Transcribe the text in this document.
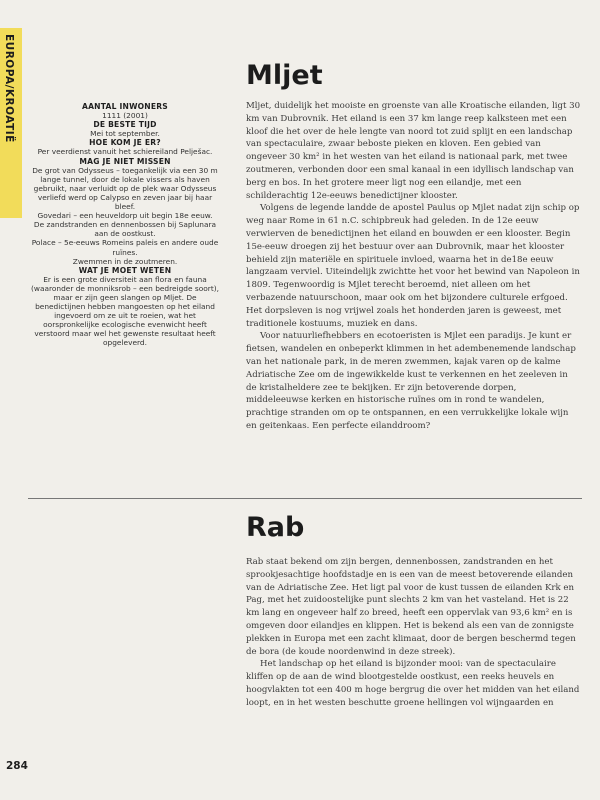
EUROPA/KROATIË	AANTAL INWONERS

1111 (2001)

DE BESTE TIJD

Mei tot september.

HOE KOM JE ER?

Per veerdienst vanuit het schiereiland Pelješac.

MAG JE NIET MISSEN

De grot van Odysseus – toegankelijk via een 30 m lange tunnel, door de lokale vissers als haven gebruikt, naar verluidt op de plek waar Odysseus verliefd werd op Calypso en zeven jaar bij haar bleef.

Govedari – een heuveldorp uit begin 18e eeuw.

De zandstranden en dennenbossen bij Saplunara aan de oostkust.

Polace – 5e-eeuws Romeins paleis en andere oude ruïnes.

Zwemmen in de zoutmeren.

WAT JE MOET WETEN

Er is een grote diversiteit aan flora en fauna (waaronder de monniksrob – een bedreigde soort), maar er zijn geen slangen op Mljet. De benedictijnen hebben mangoesten op het eiland ingevoerd om ze uit te roeien, wat het oorspronkelijke ecologische evenwicht heeft verstoord maar wel het gewenste resultaat heeft opgeleverd.

Mljet

Mljet, duidelijk het mooiste en groenste van alle Kroatische eilanden, ligt 30 km van Dubrovnik. Het eiland is een 37 km lange reep kalksteen met een kloof die het over de hele lengte van noord tot zuid splijt en een landschap van spectaculaire, zwaar beboste pieken en kloven. Een gebied van ongeveer 30 km² in het westen van het eiland is nationaal park, met twee zoutmeren, verbonden door een smal kanaal in een idyllisch landschap van berg en bos. In het grotere meer ligt nog een eilandje, met een schilderachtig 12e-eeuws benedictijner klooster.

Volgens de legende landde de apostel Paulus op Mjlet nadat zijn schip op weg naar Rome in 61 n.C. schipbreuk had geleden. In de 12e eeuw verwierven de benedictijnen het eiland en bouwden er een klooster. Begin 15e-eeuw droegen zij het bestuur over aan Dubrovnik, maar het klooster behield zijn materiële en spirituele invloed, waarna het in de18e eeuw langzaam verviel. Uiteindelijk zwichtte het voor het bewind van Napoleon in 1809. Tegenwoordig is Mjlet terecht beroemd, niet alleen om het verbazende natuurschoon, maar ook om het bijzondere culturele erfgoed. Het dorpsleven is nog vrijwel zoals het honderden jaren is geweest, met traditionele kostuums, muziek en dans.

Voor natuurliefhebbers en ecotoeristen is Mjlet een paradijs. Je kunt er fietsen, wandelen en onbeperkt klimmen in het adembenemende landschap van het nationale park, in de meren zwemmen, kajak varen op de kalme Adriatische Zee om de ingewikkelde kust te verkennen en het zeeleven in de kristalheldere zee te bekijken. Er zijn betoverende dorpen, middeleeuwse kerken en historische ruïnes om in rond te wandelen, prachtige stranden om op te ontspannen, en een verrukkelijke lokale wijn en geitenkaas. Een perfecte eilanddroom?

Rab

Rab staat bekend om zijn bergen, dennenbossen, zandstranden en het sprookjesachtige hoofdstadje en is een van de meest betoverende eilanden van de Adriatische Zee. Het ligt pal voor de kust tussen de eilanden Krk en Pag, met het zuidoostelijke punt slechts 2 km van het vasteland. Het is 22 km lang en ongeveer half zo breed, heeft een oppervlak van 93,6 km² en is omgeven door eilandjes en klippen. Het is bekend als een van de zonnigste plekken in Europa met een zacht klimaat, door de bergen beschermd tegen de bora (de koude noordenwind in deze streek).

Het landschap op het eiland is bijzonder mooi: van de spectaculaire kliffen op de aan de wind blootgestelde oostkust, een reeks heuvels en hoogvlakten tot een 400 m hoge bergrug die over het midden van het eiland loopt, en in het westen beschutte groene hellingen vol wijngaarden en

284
